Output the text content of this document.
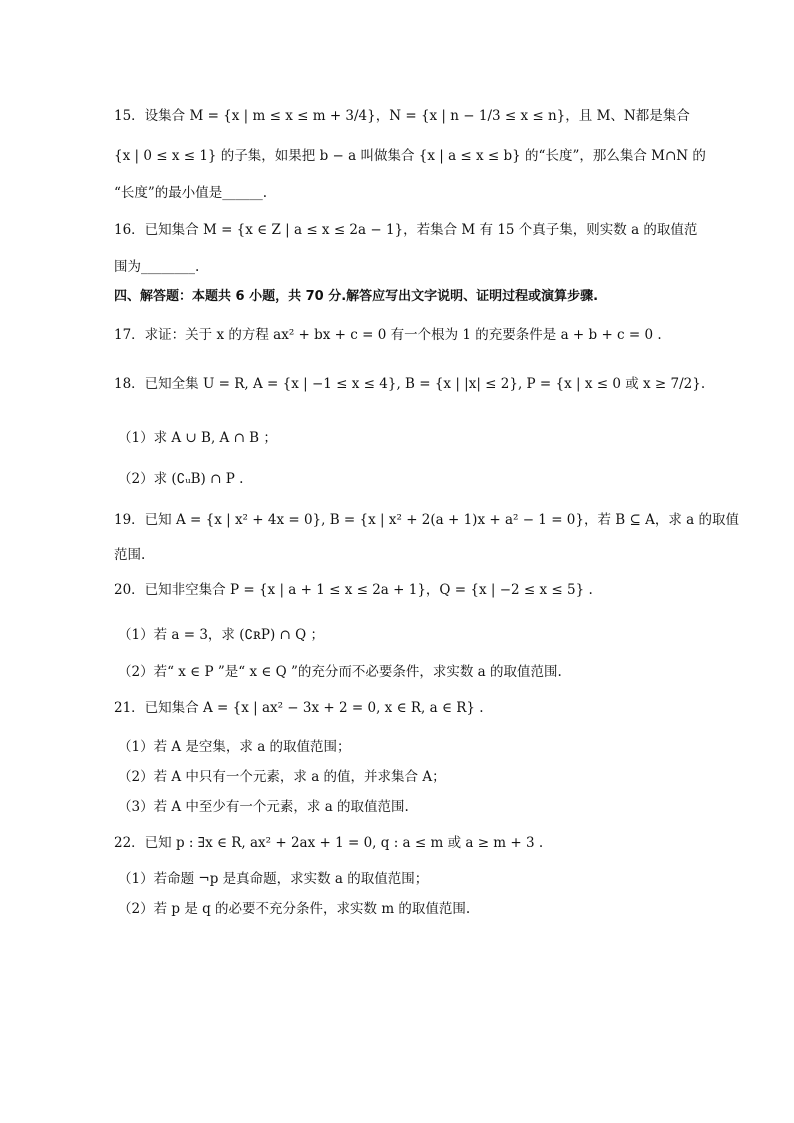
15．设集合 M = {x | m ≤ x ≤ m + 3/4}，N = {x | n − 1/3 ≤ x ≤ n}，且 M、N都是集合
{x | 0 ≤ x ≤ 1} 的子集，如果把 b − a 叫做集合 {x | a ≤ x ≤ b} 的“长度”，那么集合 M∩N 的
“长度”的最小值是______.
16．已知集合 M = {x ∈ Z | a ≤ x ≤ 2a − 1}，若集合 M 有 15 个真子集，则实数 a 的取值范
围为________.
四、解答题：本题共 6 小题，共 70 分.解答应写出文字说明、证明过程或演算步骤.
17．求证：关于 x 的方程 ax² + bx + c = 0 有一个根为 1 的充要条件是 a + b + c = 0 .
18．已知全集 U = R, A = {x | −1 ≤ x ≤ 4}, B = {x | |x| ≤ 2}, P = {x | x ≤ 0 或 x ≥ 7/2}.
（1）求 A ∪ B, A ∩ B ；
（2）求 (∁ᵤB) ∩ P .
19．已知 A = {x | x² + 4x = 0}, B = {x | x² + 2(a + 1)x + a² − 1 = 0}，若 B ⊆ A，求 a 的取值
范围.
20．已知非空集合 P = {x | a + 1 ≤ x ≤ 2a + 1}，Q = {x | −2 ≤ x ≤ 5} .
（1）若 a = 3，求 (∁ʀP) ∩ Q ；
（2）若“ x ∈ P ”是“ x ∈ Q ”的充分而不必要条件，求实数 a 的取值范围.
21．已知集合 A = {x | ax² − 3x + 2 = 0, x ∈ R, a ∈ R} .
（1）若 A 是空集，求 a 的取值范围；
（2）若 A 中只有一个元素，求 a 的值，并求集合 A；
（3）若 A 中至少有一个元素，求 a 的取值范围.
22．已知 p : ∃x ∈ R, ax² + 2ax + 1 = 0, q : a ≤ m 或 a ≥ m + 3 .
（1）若命题 ¬p 是真命题，求实数 a 的取值范围；
（2）若 p 是 q 的必要不充分条件，求实数 m 的取值范围.
